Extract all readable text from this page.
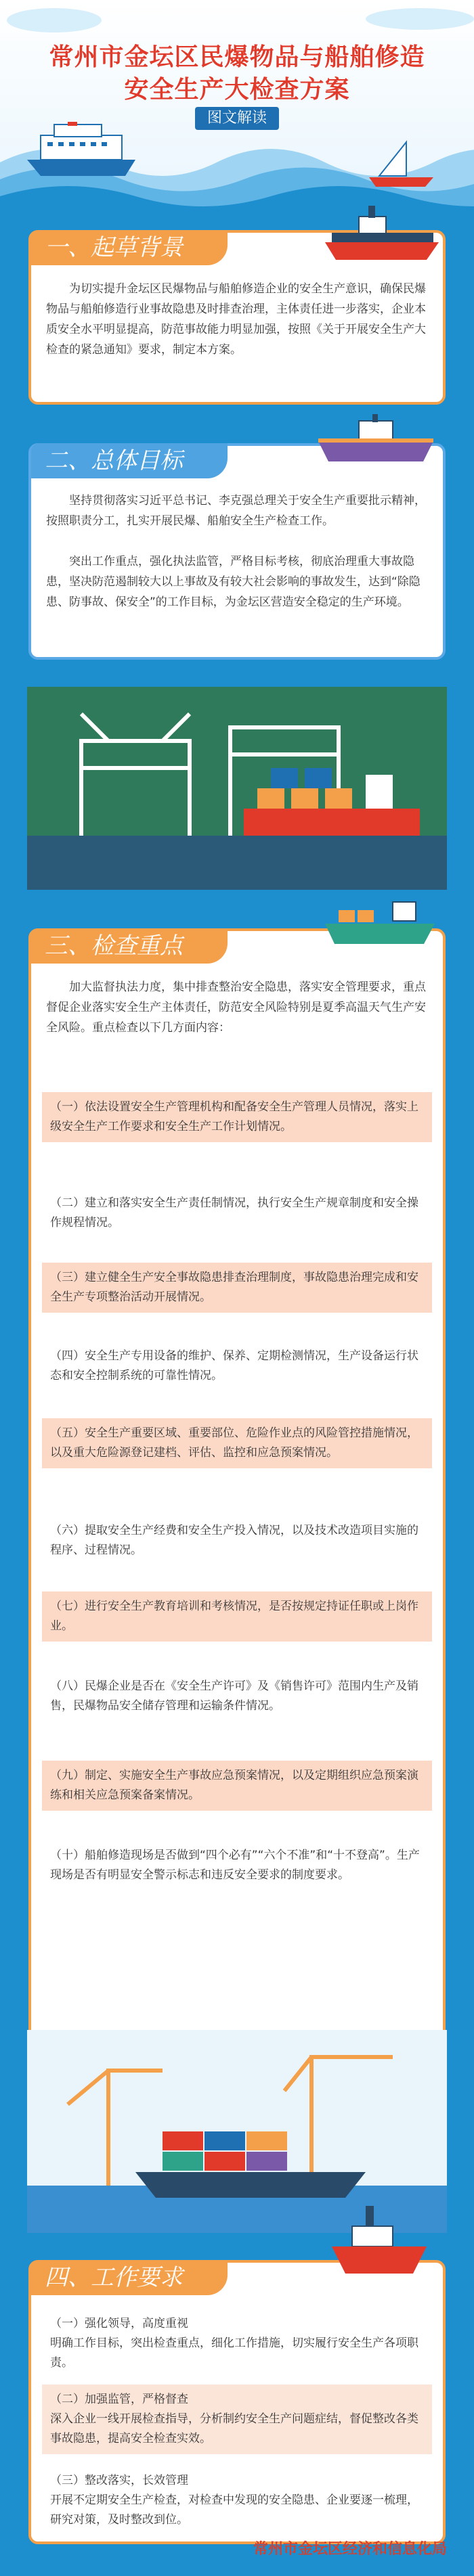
常州市金坛区民爆物品与船舶修造
安全生产大检查方案
图文解读
一、起草背景

为切实提升金坛区民爆物品与船舶修造企业的安全生产意识，确保民爆物品与船舶修造行业事故隐患及时排查治理，主体责任进一步落实，企业本质安全水平明显提高，防范事故能力明显加强，按照《关于开展安全生产大检查的紧急通知》要求，制定本方案。

二、总体目标

坚持贯彻落实习近平总书记、李克强总理关于安全生产重要批示精神，按照职责分工，扎实开展民爆、船舶安全生产检查工作。

突出工作重点，强化执法监管，严格目标考核，彻底治理重大事故隐患，坚决防范遏制较大以上事故及有较大社会影响的事故发生，达到“除隐患、防事故、保安全”的工作目标，为金坛区营造安全稳定的生产环境。

三、检查重点

加大监督执法力度，集中排查整治安全隐患，落实安全管理要求，重点督促企业落实安全生产主体责任，防范安全风险特别是夏季高温天气生产安全风险。重点检查以下几方面内容：

（一）依法设置安全生产管理机构和配备安全生产管理人员情况，落实上级安全生产工作要求和安全生产工作计划情况。
（二）建立和落实安全生产责任制情况，执行安全生产规章制度和安全操作规程情况。
（三）建立健全生产安全事故隐患排查治理制度，事故隐患治理完成和安全生产专项整治活动开展情况。
（四）安全生产专用设备的维护、保养、定期检测情况，生产设备运行状态和安全控制系统的可靠性情况。
（五）安全生产重要区域、重要部位、危险作业点的风险管控措施情况，以及重大危险源登记建档、评估、监控和应急预案情况。
（六）提取安全生产经费和安全生产投入情况，以及技术改造项目实施的程序、过程情况。
（七）进行安全生产教育培训和考核情况，是否按规定持证任职或上岗作业。
（八）民爆企业是否在《安全生产许可》及《销售许可》范围内生产及销售，民爆物品安全储存管理和运输条件情况。
（九）制定、实施安全生产事故应急预案情况，以及定期组织应急预案演练和相关应急预案备案情况。
（十）船舶修造现场是否做到“四个必有”“六个不准”和“十不登高”。生产现场是否有明显安全警示标志和违反安全要求的制度要求。
四、工作要求
（一）强化领导，高度重视
明确工作目标，突出检查重点，细化工作措施，切实履行安全生产各项职责。
（二）加强监管，严格督查
深入企业一线开展检查指导，分析制约安全生产问题症结，督促整改各类事故隐患，提高安全检查实效。
（三）整改落实，长效管理
开展不定期安全生产检查，对检查中发现的安全隐患、企业要逐一梳理，研究对策，及时整改到位。
常州市金坛区经济和信息化局
